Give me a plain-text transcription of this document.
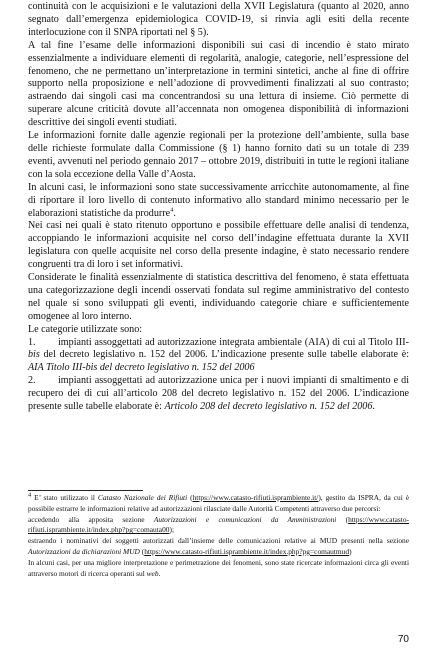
continuità con le acquisizioni e le valutazioni della XVII Legislatura (quanto al 2020, anno segnato dall’emergenza epidemiologica COVID-19, si rinvia agli esiti della recente interlocuzione con il SNPA riportati nel § 5).

A tal fine l’esame delle informazioni disponibili sui casi di incendio è stato mirato essenzialmente a individuare elementi di regolarità, analogie, categorie, nell’espressione del fenomeno, che ne permettano un’interpretazione in termini sintetici, anche al fine di offrire supporto nella proposizione e nell’adozione di provvedimenti finalizzati al suo contrasto; astraendo dai singoli casi ma concentrandosi su una lettura di insieme. Ciò permette di superare alcune criticità dovute all’accennata non omogenea disponibilità di informazioni descrittive dei singoli eventi studiati.

Le informazioni fornite dalle agenzie regionali per la protezione dell’ambiente, sulla base delle richieste formulate dalla Commissione (§ 1) hanno fornito dati su un totale di 239 eventi, avvenuti nel periodo gennaio 2017 – ottobre 2019, distribuiti in tutte le regioni italiane con la sola eccezione della Valle d’Aosta.

In alcuni casi, le informazioni sono state successivamente arricchite autonomamente, al fine di riportare il loro livello di contenuto informativo allo standard minimo necessario per le elaborazioni statistiche da produrre$^4$.

Nei casi nei quali è stato ritenuto opportuno e possibile effettuare delle analisi di tendenza, accoppiando le informazioni acquisite nel corso dell’indagine effettuata durante la XVII legislatura con quelle acquisite nel corso della presente indagine, è stato necessario rendere congruenti tra di loro i set informativi.

Considerate le finalità essenzialmente di statistica descrittiva del fenomeno, è stata effettuata una categorizzazione degli incendi osservati fondata sul regime amministrativo del contesto nel quale si sono sviluppati gli eventi, individuando categorie chiare e sufficientemente omogenee al loro interno.

Le categorie utilizzate sono:

1. impianti assoggettati ad autorizzazione integrata ambientale (AIA) di cui al Titolo III-bis del decreto legislativo n. 152 del 2006. L’indicazione presente sulle tabelle elaborate è: AIA Titolo III-bis del decreto legislativo n. 152 del 2006

2. impianti assoggettati ad autorizzazione unica per i nuovi impianti di smaltimento e di recupero dei di cui all’articolo 208 del decreto legislativo n. 152 del 2006. L’indicazione presente sulle tabelle elaborate è: Articolo 208 del decreto legislativo n. 152 del 2006.

4 E’ stato utilizzato il Catasto Nazionale dei Rifiuti (https://www.catasto-rifiuti.isprambiente.it/), gestito da ISPRA, da cui è possibile estrarre le informazioni relative ad autorizzazioni rilasciate dalle Autorità Competenti attraverso due percorsi:

accedendo alla apposita sezione Autorizzazioni e comunicazioni da Amministrazioni (https://www.catasto-rifiuti.isprambiente.it/index.php?pg=comauta00);

estraendo i nominativi dei soggetti autorizzati dall’insieme delle comunicazioni relative ai MUD presenti nella sezione Autorizzazioni da dichiarazioni MUD (https://www.catasto-rifiuti.isprambiente.it/index.php?pg=comautmud)

In alcuni casi, per una migliore interpretazione e perimetrazione dei fenomeni, sono state ricercate informazioni circa gli eventi attraverso motori di ricerca operanti sul web.

70
